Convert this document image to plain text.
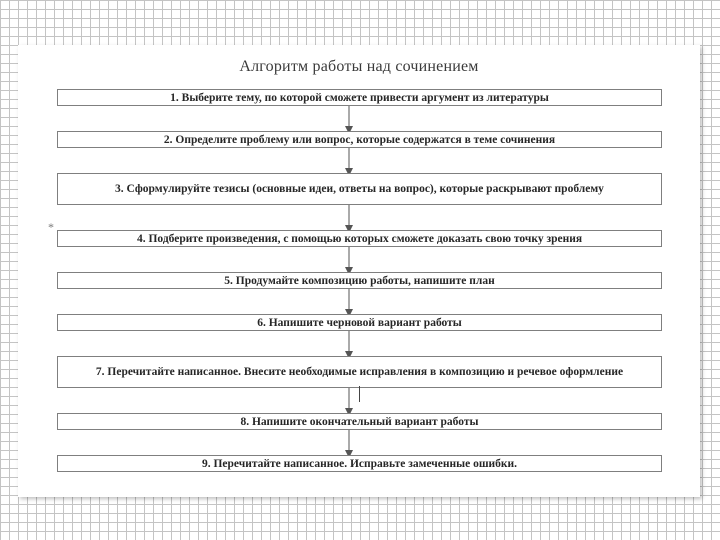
Алгоритм работы над сочинением
*
1. Выберите тему, по которой сможете привести аргумент из литературы
2. Определите проблему или вопрос, которые содержатся в теме сочинения
3. Сформулируйте тезисы (основные идеи, ответы на вопрос), которые раскрывают проблему
4. Подберите произведения, с помощью которых сможете доказать свою точку зрения
5. Продумайте композицию работы, напишите план
6. Напишите черновой вариант работы
7. Перечитайте написанное. Внесите необходимые исправления в композицию и речевое оформление
8. Напишите окончательный вариант работы
9. Перечитайте написанное. Исправьте замеченные ошибки.
